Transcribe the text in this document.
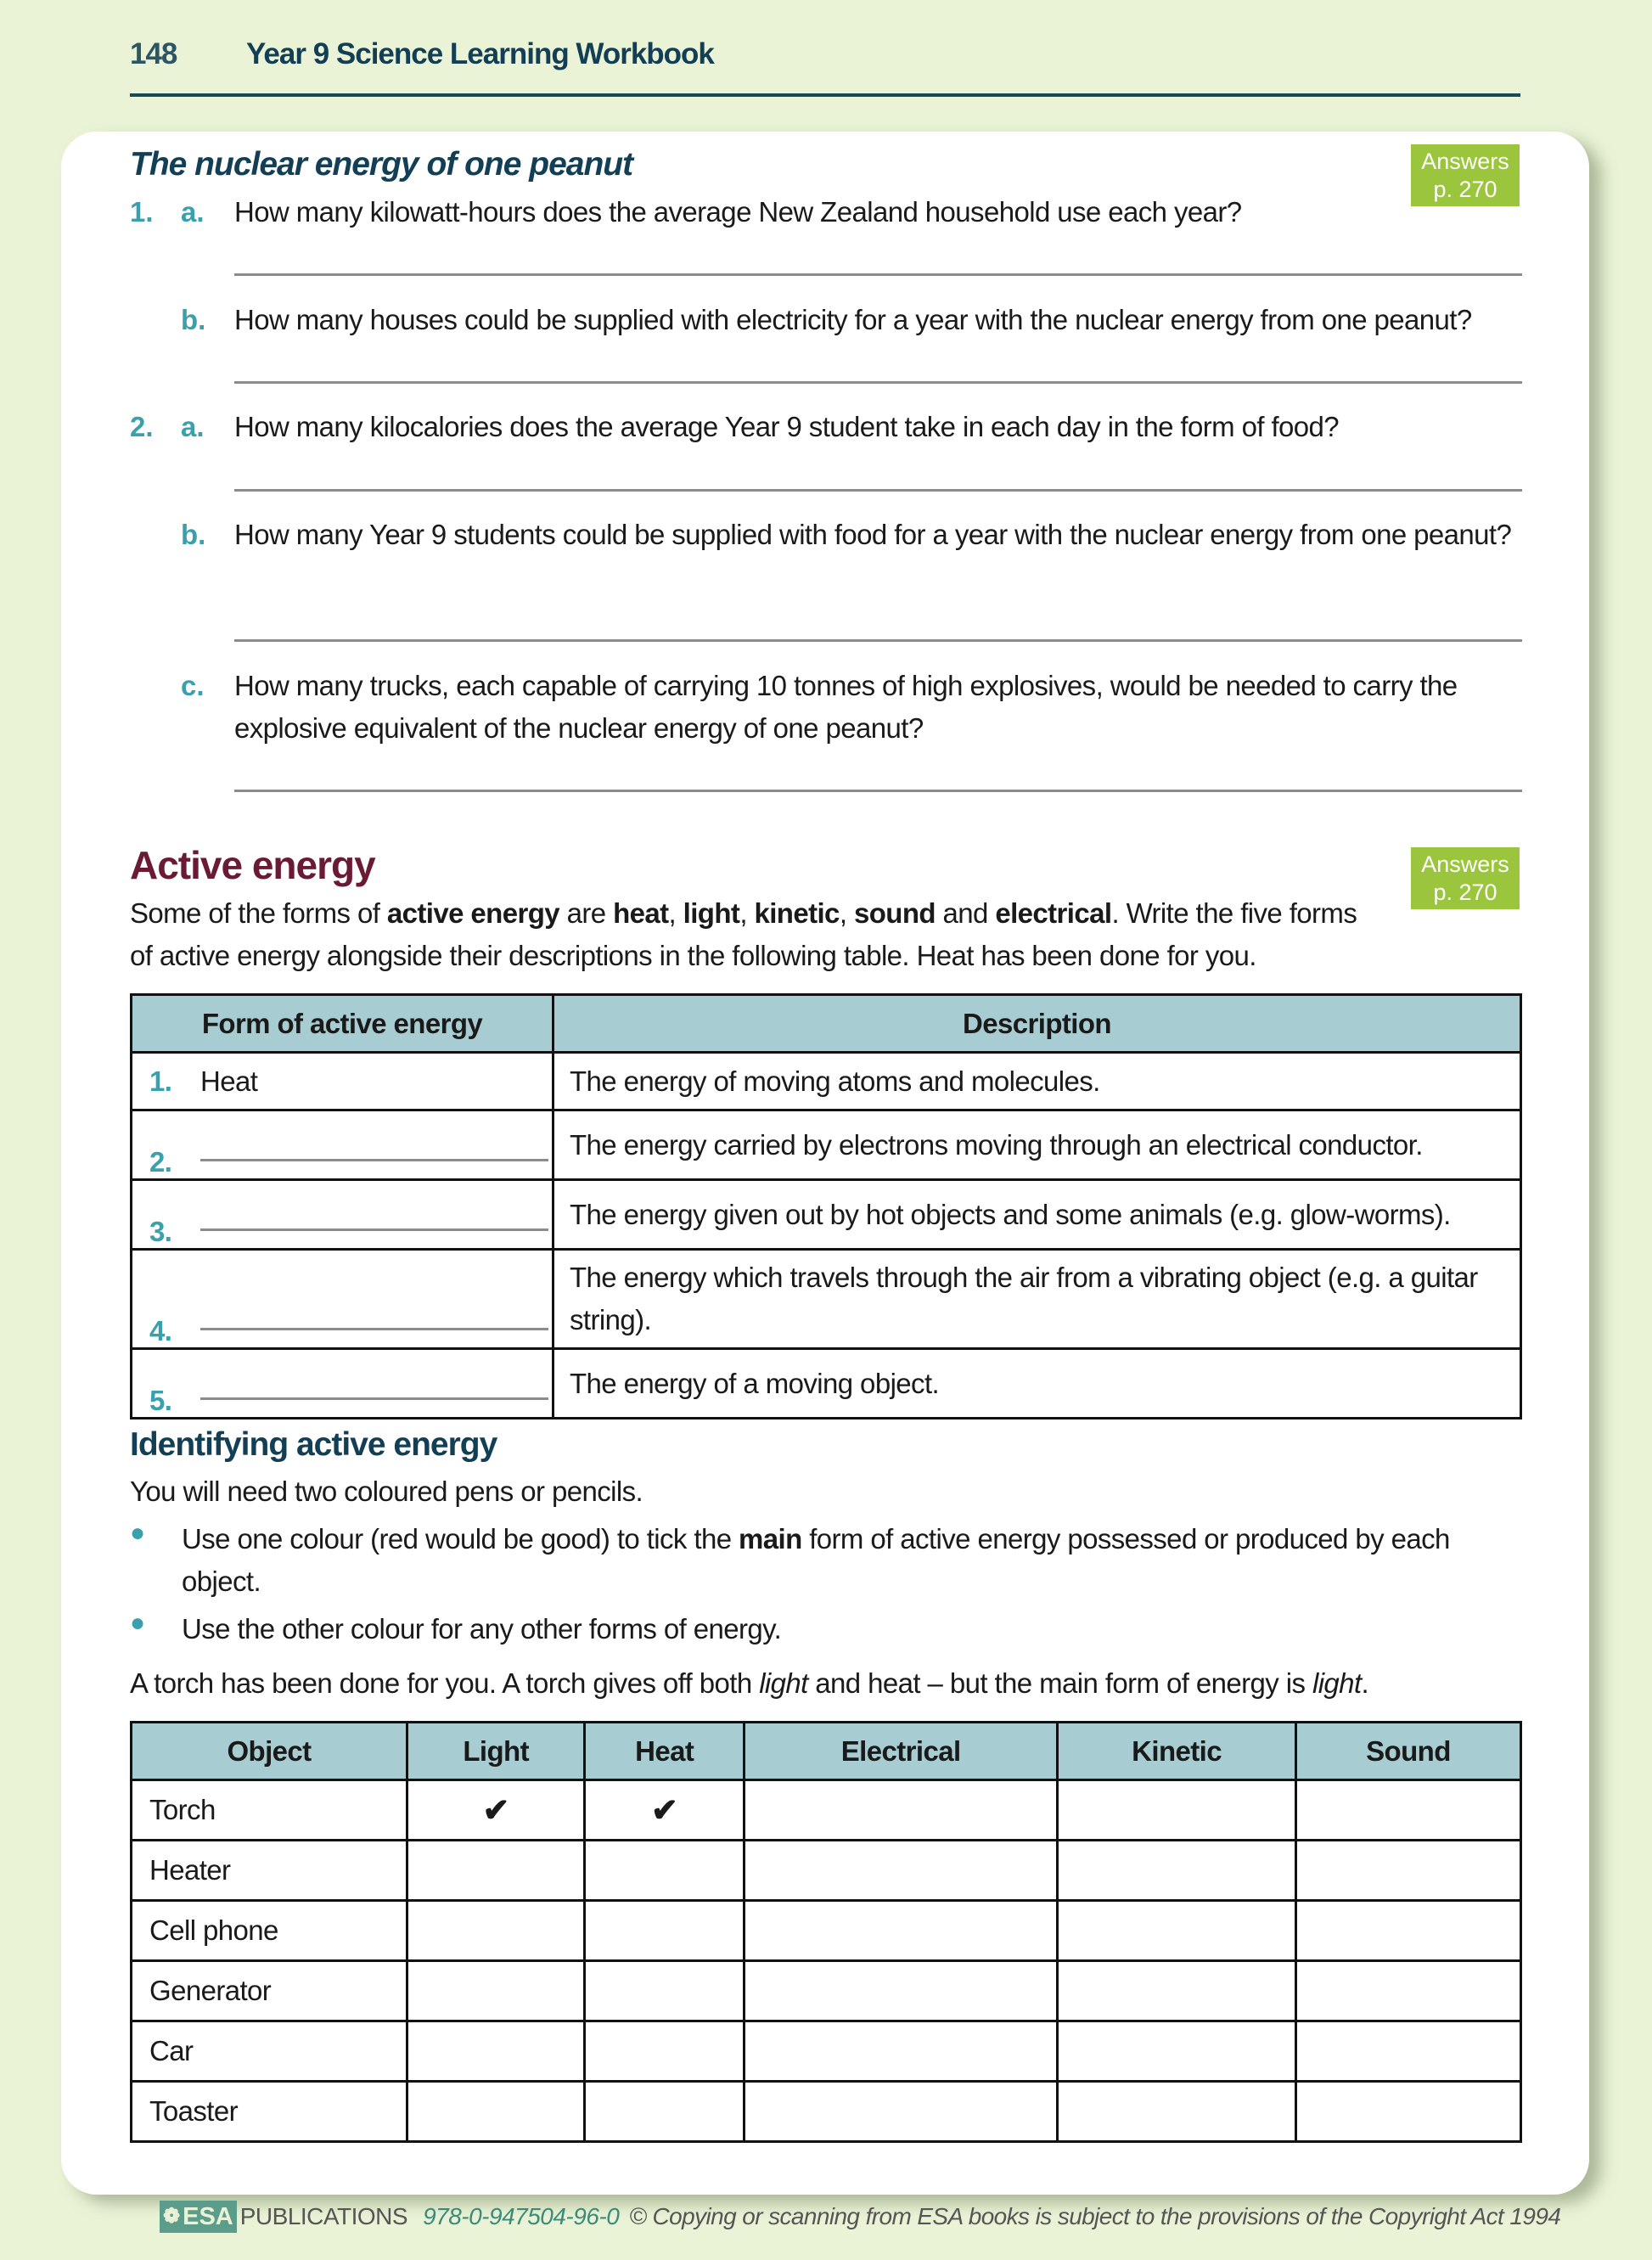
148	Year 9 Science Learning Workbook
The nuclear energy of one peanut	Answers
p. 270
1. a. How many kilowatt-hours does the average New Zealand household use each year?
b. How many houses could be supplied with electricity for a year with the nuclear energy from one peanut?
2. a. How many kilocalories does the average Year 9 student take in each day in the form of food?
b. How many Year 9 students could be supplied with food for a year with the nuclear energy from one peanut?
c. How many trucks, each capable of carrying 10 tonnes of high explosives, would be needed to carry the explosive equivalent of the nuclear energy of one peanut?
Active energy	Answers
p. 270
Some of the forms of active energy are heat, light, kinetic, sound and electrical. Write the five forms of active energy alongside their descriptions in the following table. Heat has been done for you.
Form of active energy	Description
1. Heat	The energy of moving atoms and molecules.
2.	The energy carried by electrons moving through an electrical conductor.
3.	The energy given out by hot objects and some animals (e.g. glow-worms).
4.	The energy which travels through the air from a vibrating object (e.g. a guitar string).
5.	The energy of a moving object.
Identifying active energy
You will need two coloured pens or pencils.
● Use one colour (red would be good) to tick the main form of active energy possessed or produced by each object.
● Use the other colour for any other forms of energy.
A torch has been done for you. A torch gives off both light and heat – but the main form of energy is light.
Object	Light	Heat	Electrical	Kinetic	Sound
Torch	✔	✔			
Heater					
Cell phone					
Generator					
Car					
Toaster					
❁ ESA PUBLICATIONS 978-0-947504-96-0 © Copying or scanning from ESA books is subject to the provisions of the Copyright Act 1994
